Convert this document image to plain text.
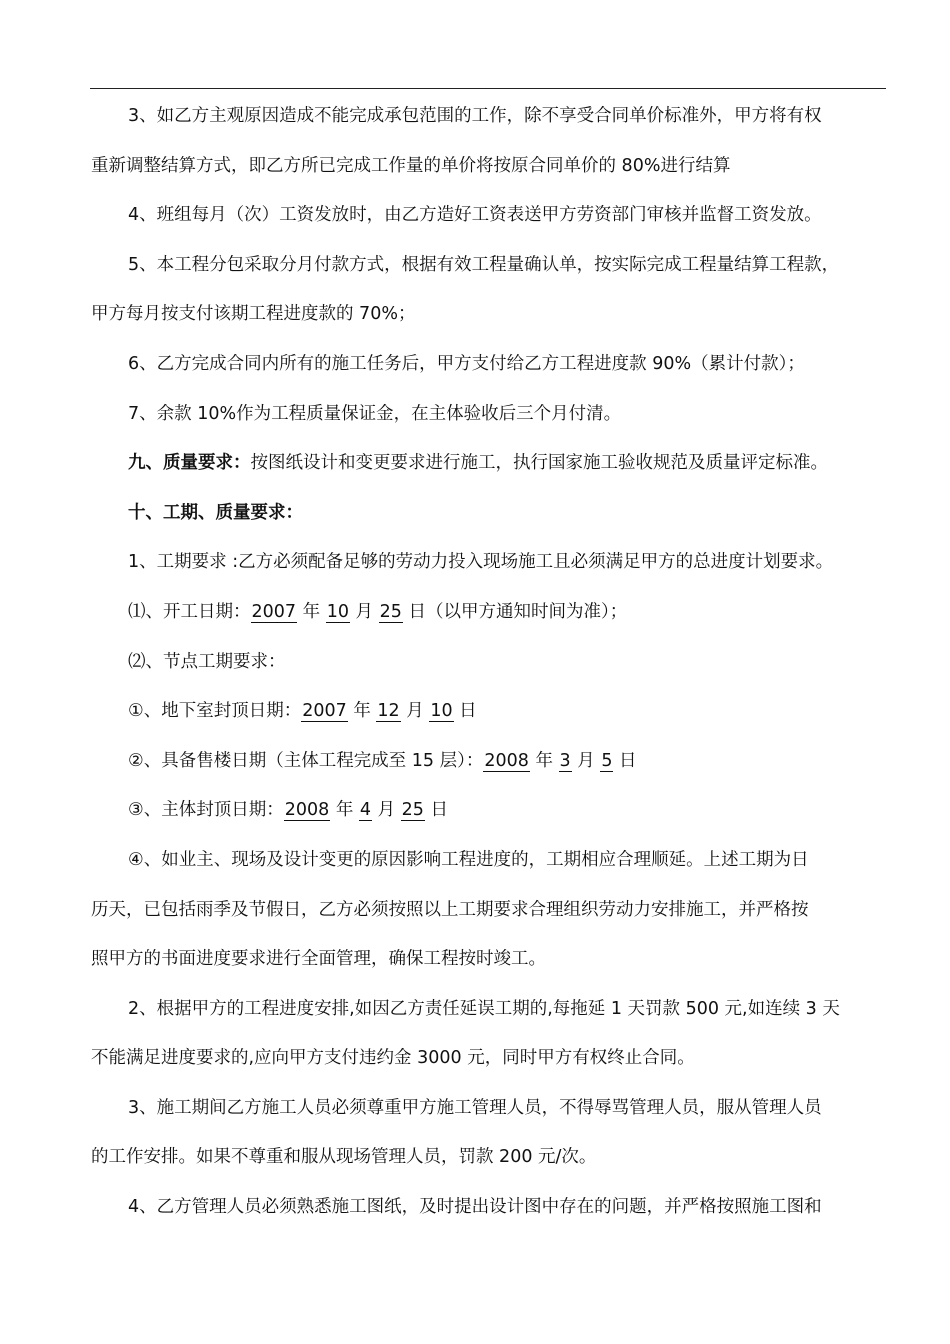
3、如乙方主观原因造成不能完成承包范围的工作，除不享受合同单价标准外，甲方将有权
重新调整结算方式，即乙方所已完成工作量的单价将按原合同单价的 80%进行结算
4、班组每月（次）工资发放时，由乙方造好工资表送甲方劳资部门审核并监督工资发放。
5、本工程分包采取分月付款方式，根据有效工程量确认单，按实际完成工程量结算工程款，
甲方每月按支付该期工程进度款的 70%；
6、乙方完成合同内所有的施工任务后，甲方支付给乙方工程进度款 90%（累计付款）；
7、余款 10%作为工程质量保证金，在主体验收后三个月付清。
九、质量要求：按图纸设计和变更要求进行施工，执行国家施工验收规范及质量评定标准。
十、工期、质量要求：
1、工期要求 :乙方必须配备足够的劳动力投入现场施工且必须满足甲方的总进度计划要求。
⑴、开工日期：2007 年 10 月 25 日（以甲方通知时间为准）；
⑵、节点工期要求：
①、地下室封顶日期：2007 年 12 月 10 日
②、具备售楼日期（主体工程完成至 15 层）：2008 年 3 月 5 日
③、主体封顶日期：2008 年 4 月 25 日
④、如业主、现场及设计变更的原因影响工程进度的，工期相应合理顺延。上述工期为日
历天，已包括雨季及节假日，乙方必须按照以上工期要求合理组织劳动力安排施工，并严格按
照甲方的书面进度要求进行全面管理，确保工程按时竣工。
2、根据甲方的工程进度安排,如因乙方责任延误工期的,每拖延 1 天罚款 500 元,如连续 3 天
不能满足进度要求的,应向甲方支付违约金 3000 元，同时甲方有权终止合同。
3、施工期间乙方施工人员必须尊重甲方施工管理人员，不得辱骂管理人员，服从管理人员
的工作安排。如果不尊重和服从现场管理人员，罚款 200 元/次。
4、乙方管理人员必须熟悉施工图纸，及时提出设计图中存在的问题，并严格按照施工图和
